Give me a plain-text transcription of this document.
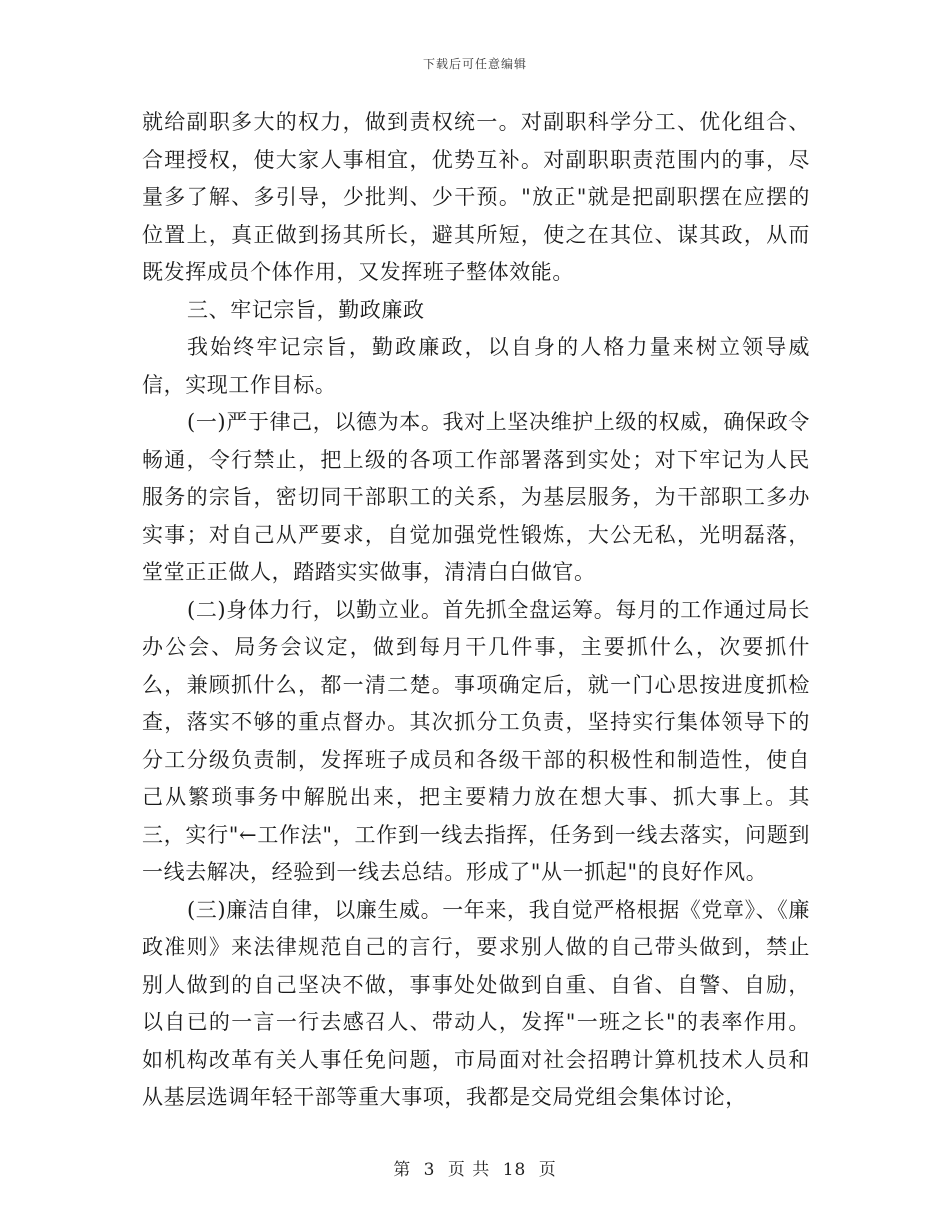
下载后可任意编辑

就给副职多大的权力，做到责权统一。对副职科学分工、优化组合、合理授权，使大家人事相宜，优势互补。对副职职责范围内的事，尽量多了解、多引导，少批判、少干预。"放正"就是把副职摆在应摆的位置上，真正做到扬其所长，避其所短，使之在其位、谋其政，从而既发挥成员个体作用，又发挥班子整体效能。

三、牢记宗旨，勤政廉政

我始终牢记宗旨，勤政廉政，以自身的人格力量来树立领导威信，实现工作目标。

(一)严于律己，以德为本。我对上坚决维护上级的权威，确保政令畅通，令行禁止，把上级的各项工作部署落到实处；对下牢记为人民服务的宗旨，密切同干部职工的关系，为基层服务，为干部职工多办实事；对自己从严要求，自觉加强党性锻炼，大公无私，光明磊落，堂堂正正做人，踏踏实实做事，清清白白做官。

(二)身体力行，以勤立业。首先抓全盘运筹。每月的工作通过局长办公会、局务会议定，做到每月干几件事，主要抓什么，次要抓什么，兼顾抓什么，都一清二楚。事项确定后，就一门心思按进度抓检查，落实不够的重点督办。其次抓分工负责，坚持实行集体领导下的分工分级负责制，发挥班子成员和各级干部的积极性和制造性，使自己从繁琐事务中解脱出来，把主要精力放在想大事、抓大事上。其三，实行"←工作法"，工作到一线去指挥，任务到一线去落实，问题到一线去解决，经验到一线去总结。形成了"从一抓起"的良好作风。

(三)廉洁自律，以廉生威。一年来，我自觉严格根据《党章》、《廉政准则》来法律规范自己的言行，要求别人做的自己带头做到，禁止别人做到的自己坚决不做，事事处处做到自重、自省、自警、自励，以自已的一言一行去感召人、带动人，发挥"一班之长"的表率作用。如机构改革有关人事任免问题，市局面对社会招聘计算机技术人员和从基层选调年轻干部等重大事项，我都是交局党组会集体讨论，

第 3 页 共 18 页
